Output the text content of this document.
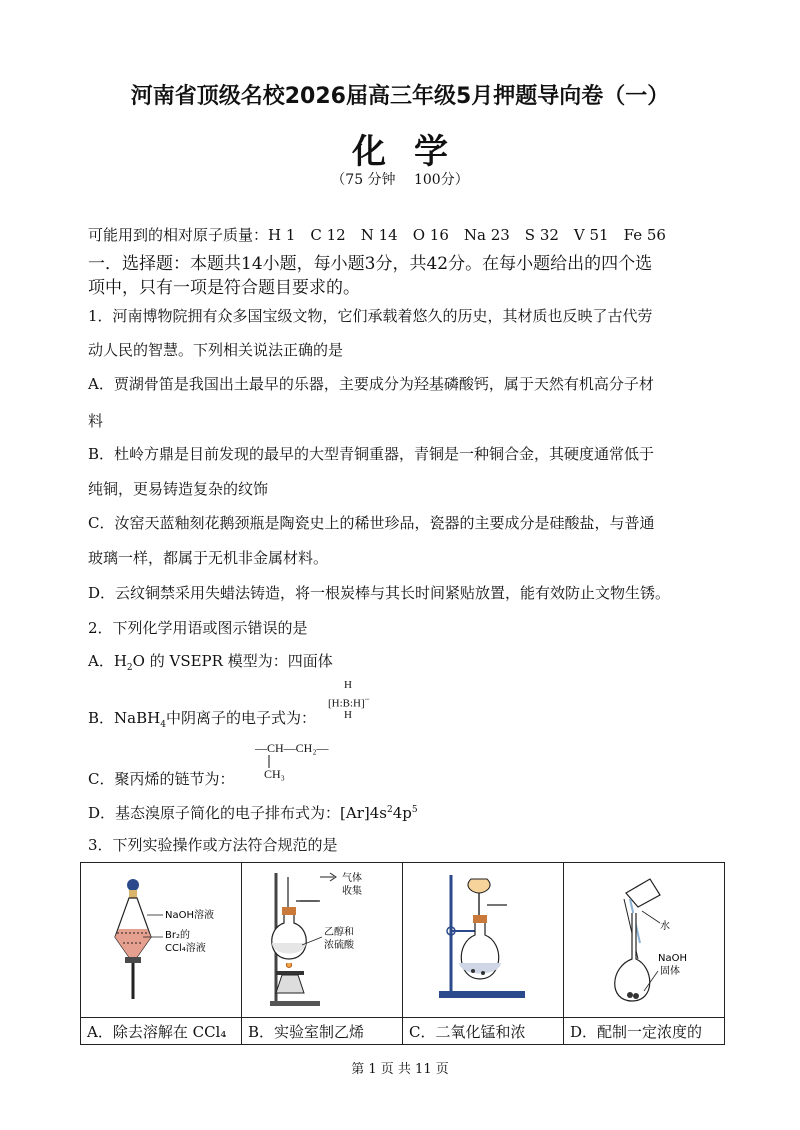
河南省顶级名校2026届高三年级5月押题导向卷（一）
化学
（75 分钟　 100分）
可能用到的相对原子质量：H 1　C 12　N 14　O 16　Na 23　S 32　V 51　Fe 56
一．选择题：本题共14小题，每小题3分，共42分。在每小题给出的四个选
项中，只有一项是符合题目要求的。
1．河南博物院拥有众多国宝级文物，它们承载着悠久的历史，其材质也反映了古代劳
动人民的智慧。下列相关说法正确的是
A．贾湖骨笛是我国出土最早的乐器，主要成分为羟基磷酸钙，属于天然有机高分子材
料
B．杜岭方鼎是目前发现的最早的大型青铜重器，青铜是一种铜合金，其硬度通常低于
纯铜，更易铸造复杂的纹饰
C．汝窑天蓝釉刻花鹅颈瓶是陶瓷史上的稀世珍品，瓷器的主要成分是硅酸盐，与普通
玻璃一样，都属于无机非金属材料。
D．云纹铜禁采用失蜡法铸造，将一根炭棒与其长时间紧贴放置，能有效防止文物生锈。
2．下列化学用语或图示错误的是
A．$H_2O$ 的 VSEPR 模型为：四面体
B．NaBH$_4$中阴离子的电子式为：
H
[H:B:H]−
H
—CH—CH₂—
CH₃
C．聚丙烯的链节为：
D．基态溴原子简化的电子排布式为：$[Ar]4s^24p^5$
3．下列实验操作或方法符合规范的是
NaOH溶液
Br₂的
CCl₄溶液	气体
收集
乙醇和
浓硫酸		水
NaOH
固体

A．除去溶解在 CCl₄	B．实验室制乙烯	C．二氧化锰和浓	D．配制一定浓度的
第 1 页 共 11 页
